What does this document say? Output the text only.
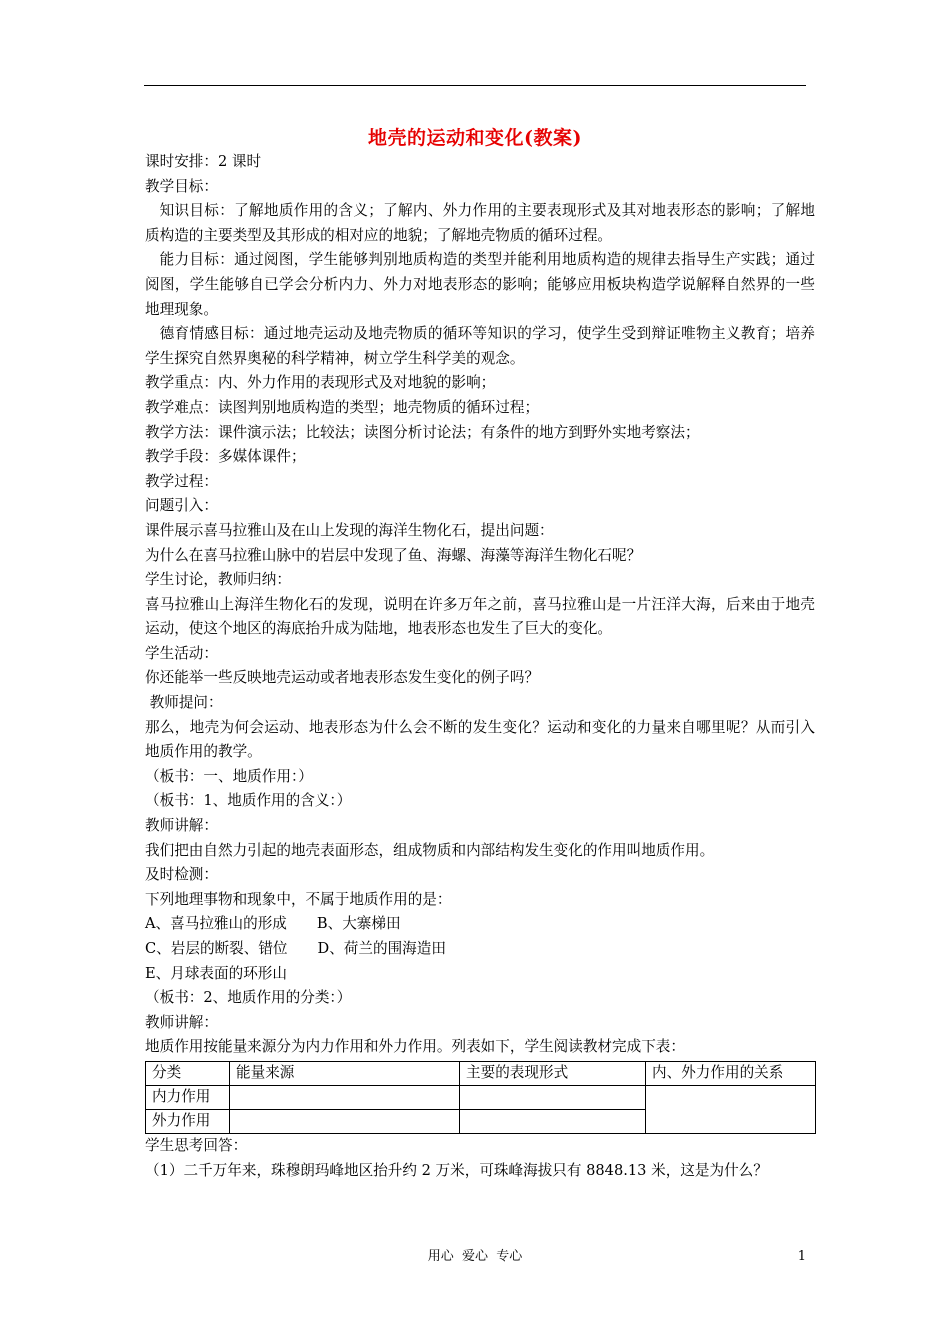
地壳的运动和变化(教案)

课时安排：2 课时

教学目标：

知识目标：了解地质作用的含义；了解内、外力作用的主要表现形式及其对地表形态的影响；了解地质构造的主要类型及其形成的相对应的地貌；了解地壳物质的循环过程。

能力目标：通过阅图，学生能够判别地质构造的类型并能利用地质构造的规律去指导生产实践；通过阅图，学生能够自已学会分析内力、外力对地表形态的影响；能够应用板块构造学说解释自然界的一些地理现象。

德育情感目标：通过地壳运动及地壳物质的循环等知识的学习，使学生受到辩证唯物主义教育；培养学生探究自然界奥秘的科学精神，树立学生科学美的观念。

教学重点：内、外力作用的表现形式及对地貌的影响；

教学难点：读图判别地质构造的类型；地壳物质的循环过程；

教学方法：课件演示法；比较法；读图分析讨论法；有条件的地方到野外实地考察法；

教学手段：多媒体课件；

教学过程：

问题引入：

课件展示喜马拉雅山及在山上发现的海洋生物化石，提出问题：

为什么在喜马拉雅山脉中的岩层中发现了鱼、海螺、海藻等海洋生物化石呢？

学生讨论，教师归纳：

喜马拉雅山上海洋生物化石的发现，说明在许多万年之前，喜马拉雅山是一片汪洋大海，后来由于地壳运动，使这个地区的海底抬升成为陆地，地表形态也发生了巨大的变化。

学生活动：

你还能举一些反映地壳运动或者地表形态发生变化的例子吗？

教师提问：

那么，地壳为何会运动、地表形态为什么会不断的发生变化？运动和变化的力量来自哪里呢？从而引入地质作用的教学。

（板书：一、地质作用：）

（板书：1、地质作用的含义：）

教师讲解：

我们把由自然力引起的地壳表面形态，组成物质和内部结构发生变化的作用叫地质作用。

及时检测：

下列地理事物和现象中，不属于地质作用的是：

A、喜马拉雅山的形成 B、大寨梯田

C、岩层的断裂、错位 D、荷兰的围海造田

E、月球表面的环形山

（板书：2、地质作用的分类：）

教师讲解：

地质作用按能量来源分为内力作用和外力作用。列表如下，学生阅读教材完成下表：

分类	能量来源	主要的表现形式	内、外力作用的关系
内力作用			
外力作用			

学生思考回答：

（1）二千万年来，珠穆朗玛峰地区抬升约 2 万米，可珠峰海拔只有 8848.13 米，这是为什么？

用心  爱心  专心	1
